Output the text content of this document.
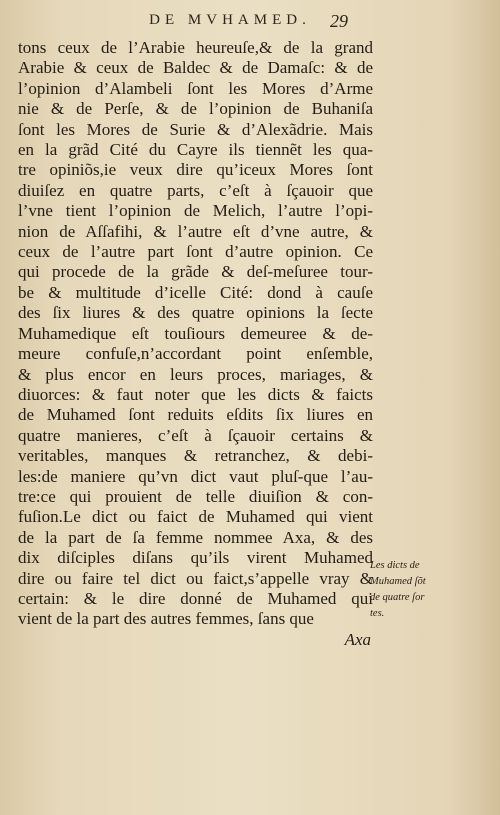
DE MVHAMED.	29
tons ceux de l’Arabie heureuſe,& de la grand
Arabie & ceux de Baldec & de Damaſc: & de
l’opinion d’Alambeli ſont les Mores d’Arme
nie & de Perſe, & de l’opinion de Buhaniſa
ſont les Mores de Surie & d’Alexãdrie. Mais
en la grãd Cité du Cayre ils tiennẽt les qua-
tre opiniõs,ie veux dire qu’iceux Mores ſont
diuiſez en quatre parts, c’eſt à ſçauoir que
l’vne tient l’opinion de Melich, l’autre l’opi-
nion de Aſſafihi, & l’autre eſt d’vne autre, &
ceux de l’autre part ſont d’autre opinion. Ce
qui procede de la grãde & deſ-meſuree tour-
be & multitude d’icelle Cité: dond à cauſe
des ſix liures & des quatre opinions la ſecte
Muhamedique eſt touſiours demeuree & de-
meure confuſe,n’accordant point enſemble,
& plus encor en leurs proces, mariages, &
diuorces: & faut noter que les dicts & faicts
de Muhamed ſont reduits eſdits ſix liures en
quatre manieres, c’eſt à ſçauoir certains &
veritables, manques & retranchez, & debi-
les:de maniere qu’vn dict vaut pluſ-que l’au-
tre:ce qui prouient de telle diuiſion & con-
fuſion.Le dict ou faict de Muhamed qui vient
de la part de ſa femme nommee Axa, & des
dix diſciples diſans qu’ils virent Muhamed
dire ou faire tel dict ou faict,s’appelle vray &
certain: & le dire donné de Muhamed qui
vient de la part des autres femmes, ſans que
Axa
Les dicts de
Muhamed ſõt
de quatre ſor
tes.
